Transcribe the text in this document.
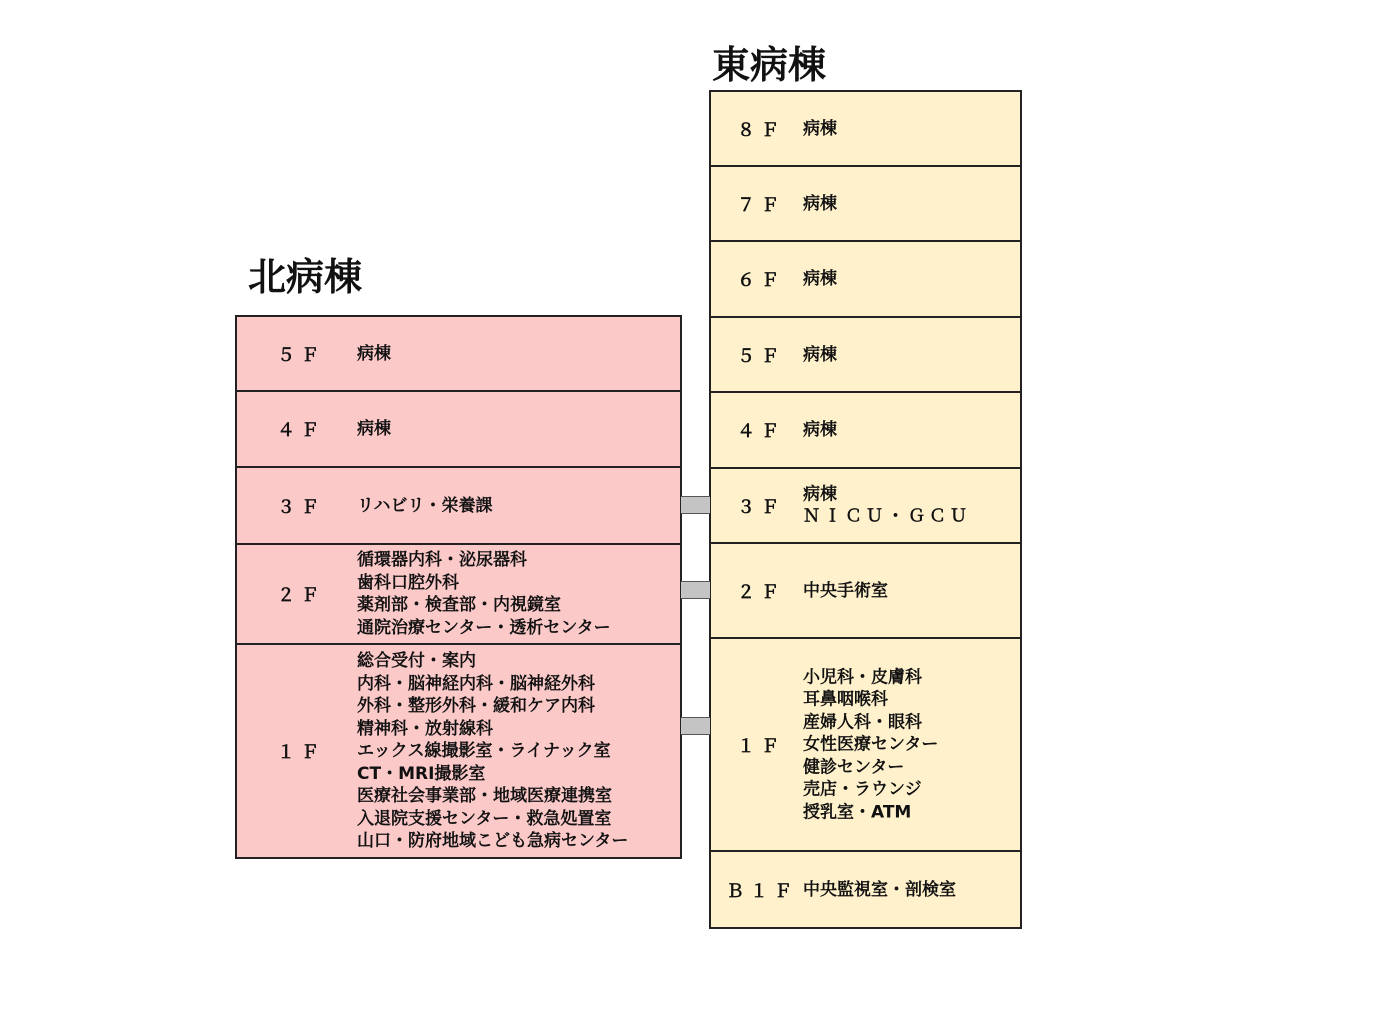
北病棟
東病棟
５Ｆ 病棟
４Ｆ 病棟
３Ｆ リハビリ・栄養課
２Ｆ
循環器内科・泌尿器科
歯科口腔外科
薬剤部・検査部・内視鏡室
通院治療センター・透析センター
１Ｆ
総合受付・案内
内科・脳神経内科・脳神経外科
外科・整形外科・緩和ケア内科
精神科・放射線科
エックス線撮影室・ライナック室
CT・MRI撮影室
医療社会事業部・地域医療連携室
入退院支援センター・救急処置室
山口・防府地域こども急病センター
８Ｆ 病棟
７Ｆ 病棟
６Ｆ 病棟
５Ｆ 病棟
４Ｆ 病棟
３Ｆ
病棟
ＮＩＣＵ・ＧＣＵ
２Ｆ 中央手術室
１Ｆ
小児科・皮膚科
耳鼻咽喉科
産婦人科・眼科
女性医療センター
健診センター
売店・ラウンジ
授乳室・ATM
Ｂ１Ｆ 中央監視室・剖検室
